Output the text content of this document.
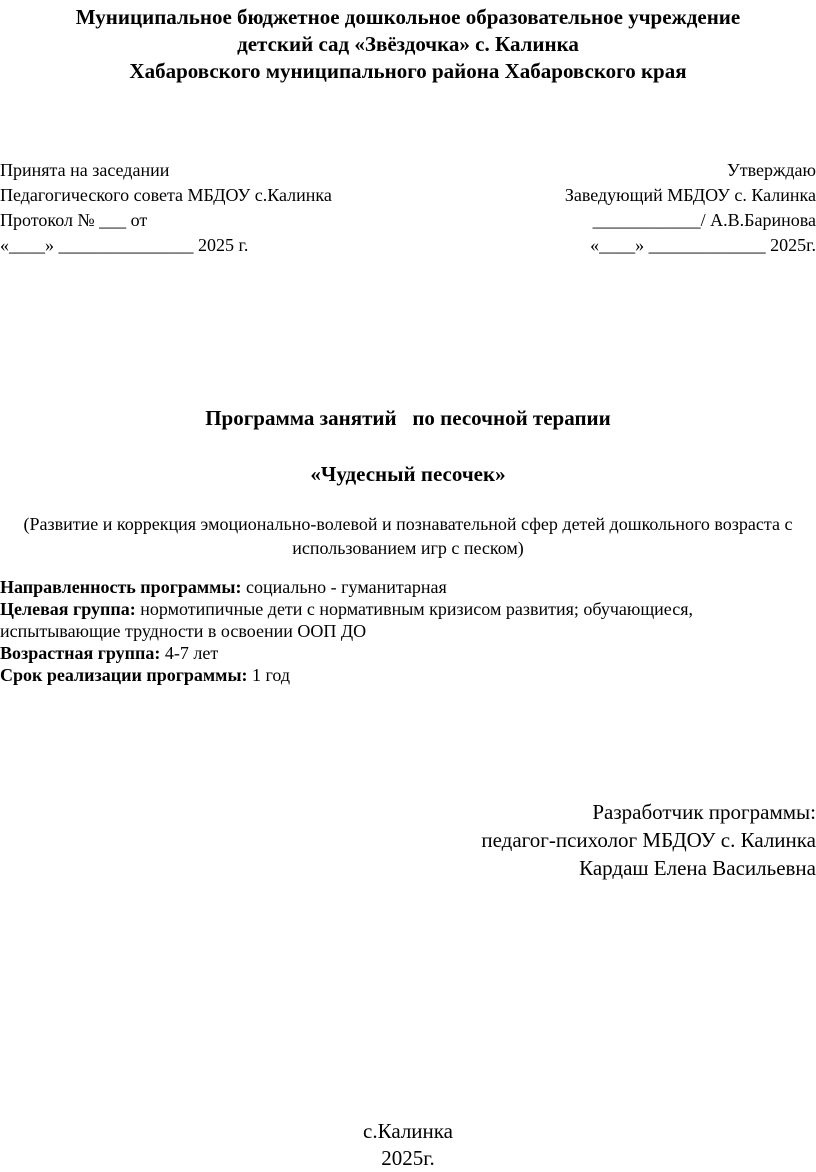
Муниципальное бюджетное дошкольное образовательное учреждение
детский сад «Звёздочка» с. Калинка
Хабаровского муниципального района Хабаровского края
Принята на заседании
Педагогического совета МБДОУ с.Калинка
Протокол № ___ от
«____» _______________ 2025 г.
Утверждаю
Заведующий МБДОУ с. Калинка
____________/ А.В.Баринова
«____» _____________ 2025г.
Программа занятий   по песочной терапии
«Чудесный песочек»
(Развитие и коррекция эмоционально-волевой и познавательной сфер детей дошкольного возраста с использованием игр с песком)

Направленность программы: социально - гуманитарная

Целевая группа: нормотипичные дети с нормативным кризисом развития; обучающиеся, испытывающие трудности в освоении ООП ДО

Возрастная группа: 4-7 лет

Срок реализации программы: 1 год

Разработчик программы:
педагог-психолог МБДОУ с. Калинка
Кардаш Елена Васильевна
с.Калинка
2025г.
